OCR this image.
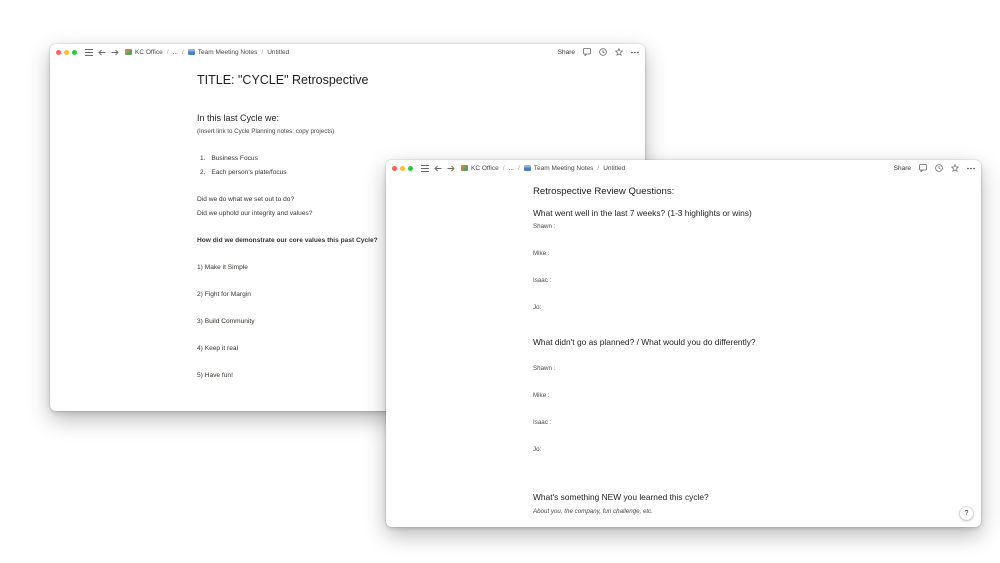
KC Office / ... / Team Meeting Notes / Untitled	Share
TITLE: "CYCLE" Retrospective
In this last Cycle we:
(Insert link to Cycle Planning notes: copy projects)
1. Business Focus
2. Each person's plate/focus
Did we do what we set out to do?
Did we uphold our integrity and values?
How did we demonstrate our core values this past Cycle?
1) Make it Simple
2) Fight for Margin
3) Build Community
4) Keep it real
5) Have fun!
KC Office / ... / Team Meeting Notes / Untitled	Share
Retrospective Review Questions:
What went well in the last 7 weeks? (1-3 highlights or wins)
Shawn :
Mike :
Isaac :
Jo:
What didn't go as planned? / What would you do differently?
Shawn :
Mike :
Isaac :
Jo:
What's something NEW you learned this cycle?
About you, the company, fun challenge, etc.	?
